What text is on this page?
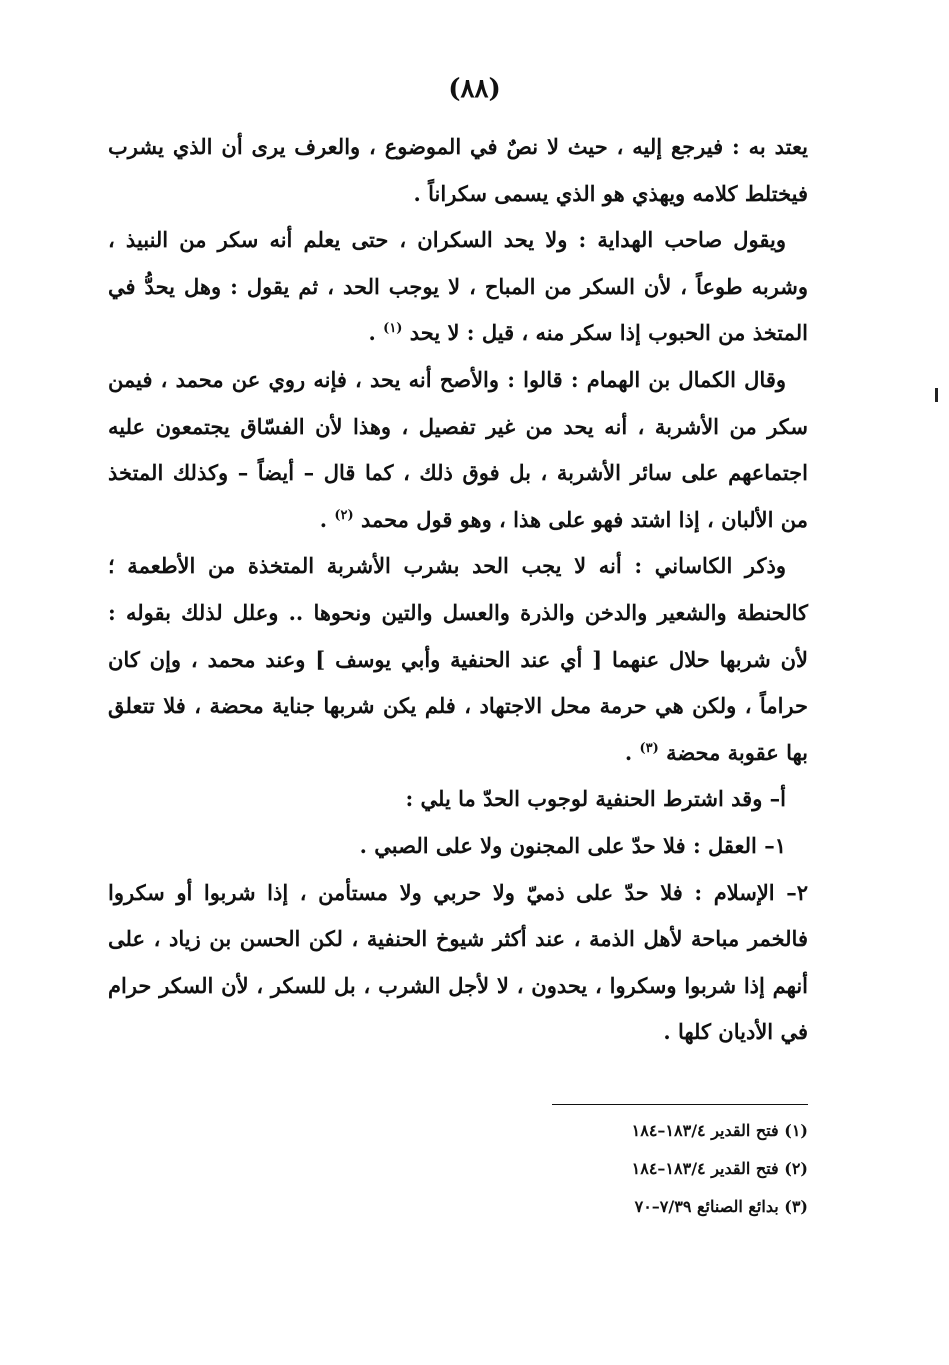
(٨٨)

يعتد به : فيرجع إليه ، حيث لا نصٌ في الموضوع ، والعرف يرى أن الذي يشرب فيختلط كلامه ويهذي هو الذي يسمى سكراناً .

ويقول صاحب الهداية : ولا يحد السكران ، حتى يعلم أنه سكر من النبيذ ، وشربه طوعاً ، لأن السكر من المباح ، لا يوجب الحد ، ثم يقول : وهل يحدُّ في المتخذ من الحبوب إذا سكر منه ، قيل : لا يحد $^{(١)}$ .

وقال الكمال بن الهمام : قالوا : والأصح أنه يحد ، فإنه روي عن محمد ، فيمن سكر من الأشربة ، أنه يحد من غير تفصيل ، وهذا لأن الفسّاق يجتمعون عليه اجتماعهم على سائر الأشربة ، بل فوق ذلك ، كما قال – أيضاً – وكذلك المتخذ من الألبان ، إذا اشتد فهو على هذا ، وهو قول محمد $^{(٢)}$ .

وذكر الكاساني : أنه لا يجب الحد بشرب الأشربة المتخذة من الأطعمة ؛ كالحنطة والشعير والدخن والذرة والعسل والتين ونحوها .. وعلل لذلك بقوله : لأن شربها حلال عنهما [ أي عند الحنفية وأبي يوسف ] وعند محمد ، وإن كان حراماً ، ولكن هي حرمة محل الاجتهاد ، فلم يكن شربها جناية محضة ، فلا تتعلق بها عقوبة محضة $^{(٣)}$ .

أ– وقد اشترط الحنفية لوجوب الحدّ ما يلي :

١– العقل : فلا حدّ على المجنون ولا على الصبي .

٢– الإسلام : فلا حدّ على ذميّ ولا حربي ولا مستأمن ، إذا شربوا أو سكروا فالخمر مباحة لأهل الذمة ، عند أكثر شيوخ الحنفية ، لكن الحسن بن زياد ، على أنهم إذا شربوا وسكروا ، يحدون ، لا لأجل الشرب ، بل للسكر ، لأن السكر حرام في الأديان كلها .

(١) فتح القدير ١٨٣/٤–١٨٤
(٢) فتح القدير ١٨٣/٤–١٨٤
(٣) بدائع الصنائع ٧/٣٩–٧٠
